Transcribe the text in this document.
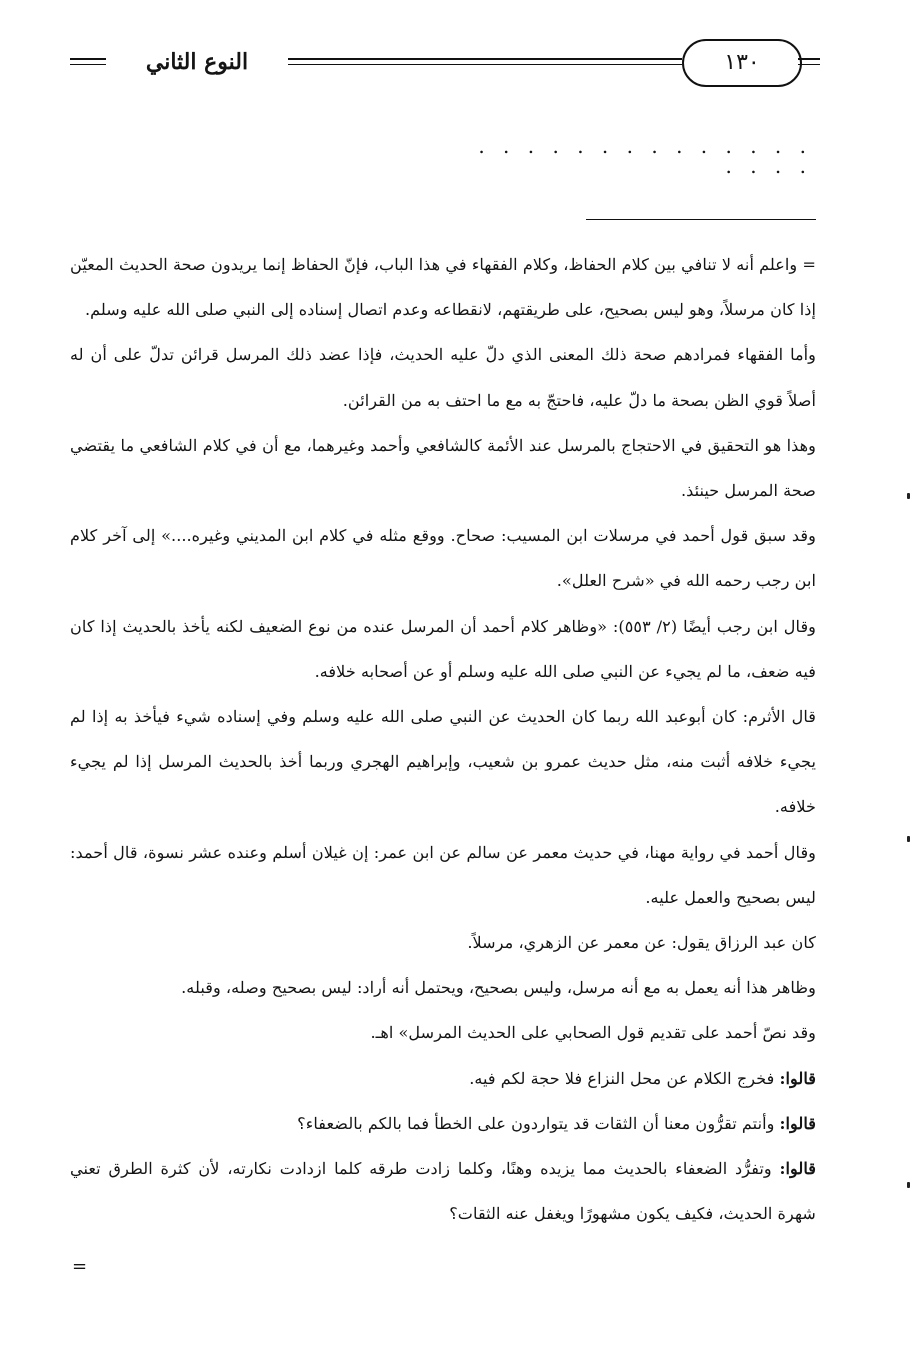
النوع الثاني	١٣٠
. . . . . . . . . . . . . . . . . .

= واعلم أنه لا تنافي بين كلام الحفاظ، وكلام الفقهاء في هذا الباب، فإنّ الحفاظ إنما يريدون صحة الحديث المعيّن إذا كان مرسلاً، وهو ليس بصحيح، على طريقتهم، لانقطاعه وعدم اتصال إسناده إلى النبي صلى الله عليه وسلم.

وأما الفقهاء فمرادهم صحة ذلك المعنى الذي دلّ عليه الحديث، فإذا عضد ذلك المرسل قرائن تدلّ على أن له أصلاً قوي الظن بصحة ما دلّ عليه، فاحتجّ به مع ما احتف به من القرائن.

وهذا هو التحقيق في الاحتجاج بالمرسل عند الأئمة كالشافعي وأحمد وغيرهما، مع أن في كلام الشافعي ما يقتضي صحة المرسل حينئذ.

وقد سبق قول أحمد في مرسلات ابن المسيب: صحاح. ووقع مثله في كلام ابن المديني وغيره....» إلى آخر كلام ابن رجب رحمه الله في «شرح العلل».

وقال ابن رجب أيضًا (٢/ ٥٥٣): «وظاهر كلام أحمد أن المرسل عنده من نوع الضعيف لكنه يأخذ بالحديث إذا كان فيه ضعف، ما لم يجيء عن النبي صلى الله عليه وسلم أو عن أصحابه خلافه.

قال الأثرم: كان أبوعبد الله ربما كان الحديث عن النبي صلى الله عليه وسلم وفي إسناده شيء فيأخذ به إذا لم يجيء خلافه أثبت منه، مثل حديث عمرو بن شعيب، وإبراهيم الهجري وربما أخذ بالحديث المرسل إذا لم يجيء خلافه.

وقال أحمد في رواية مهنا، في حديث معمر عن سالم عن ابن عمر: إن غيلان أسلم وعنده عشر نسوة، قال أحمد: ليس بصحيح والعمل عليه.

كان عبد الرزاق يقول: عن معمر عن الزهري، مرسلاً.

وظاهر هذا أنه يعمل به مع أنه مرسل، وليس بصحيح، ويحتمل أنه أراد: ليس بصحيح وصله، وقبله.

وقد نصّ أحمد على تقديم قول الصحابي على الحديث المرسل» اهـ.

قالوا: فخرج الكلام عن محل النزاع فلا حجة لكم فيه.

قالوا: وأنتم تقرُّون معنا أن الثقات قد يتواردون على الخطأ فما بالكم بالضعفاء؟

قالوا: وتفرُّد الضعفاء بالحديث مما يزيده وهنًا، وكلما زادت طرقه كلما ازدادت نكارته، لأن كثرة الطرق تعني شهرة الحديث، فكيف يكون مشهورًا ويغفل عنه الثقات؟

=
